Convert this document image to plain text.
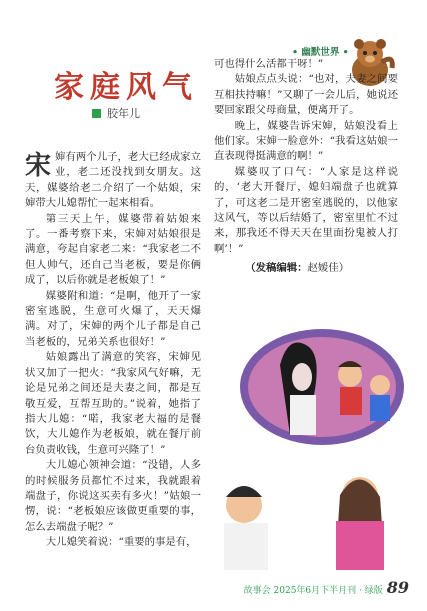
• 幽默世界 •
家庭风气
胶年儿

宋婶有两个儿子，老大已经成家立业，老二还没找到女朋友。这天，媒婆给老二介绍了一个姑娘，宋婶带大儿媳帮忙一起来相看。

第三天上午，媒婆带着姑娘来了。一番考察下来，宋婶对姑娘很是满意，夸起自家老二来：“我家老二不但人帅气，还自己当老板，要是你俩成了，以后你就是老板娘了！”

媒婆附和道：“是啊，他开了一家密室逃脱，生意可火爆了，天天爆满。对了，宋婶的两个儿子都是自己当老板的，兄弟关系也很好！”

姑娘露出了满意的笑容，宋婶见状又加了一把火：“我家风气好嘛，无论是兄弟之间还是夫妻之间，都是互敬互爱，互帮互助的。”说着，她指了指大儿媳：“喏，我家老大福的是餐饮，大儿媳作为老板娘，就在餐厅前台负责收钱，生意可兴隆了！”

大儿媳心领神会道：“没错，人多的时候服务员都忙不过来，我就跟着端盘子，你说这买卖有多火！”姑娘一愣，说：“老板娘应该做更重要的事，怎么去端盘子呢？”

大儿媳笑着说：“重要的事是有，

可也得什么活都干呀！”

姑娘点点头说：“也对，夫妻之间要互相扶持嘛！”又聊了一会儿后，她说还要回家跟父母商量，便离开了。

晚上，媒婆告诉宋婶，姑娘没看上他们家。宋婶一脸意外：“我看这姑娘一直表现得挺满意的啊！”

媒婆叹了口气：“人家是这样说的，‘老大开餐厅，媳妇端盘子也就算了，可这老二是开密室逃脱的，以他家这风气，等以后结婚了，密室里忙不过来，那我还不得天天在里面扮鬼被人打啊’！”

（发稿编辑：赵嫒佳）
故事会 2025年6月下半月刊 · 绿版 89
